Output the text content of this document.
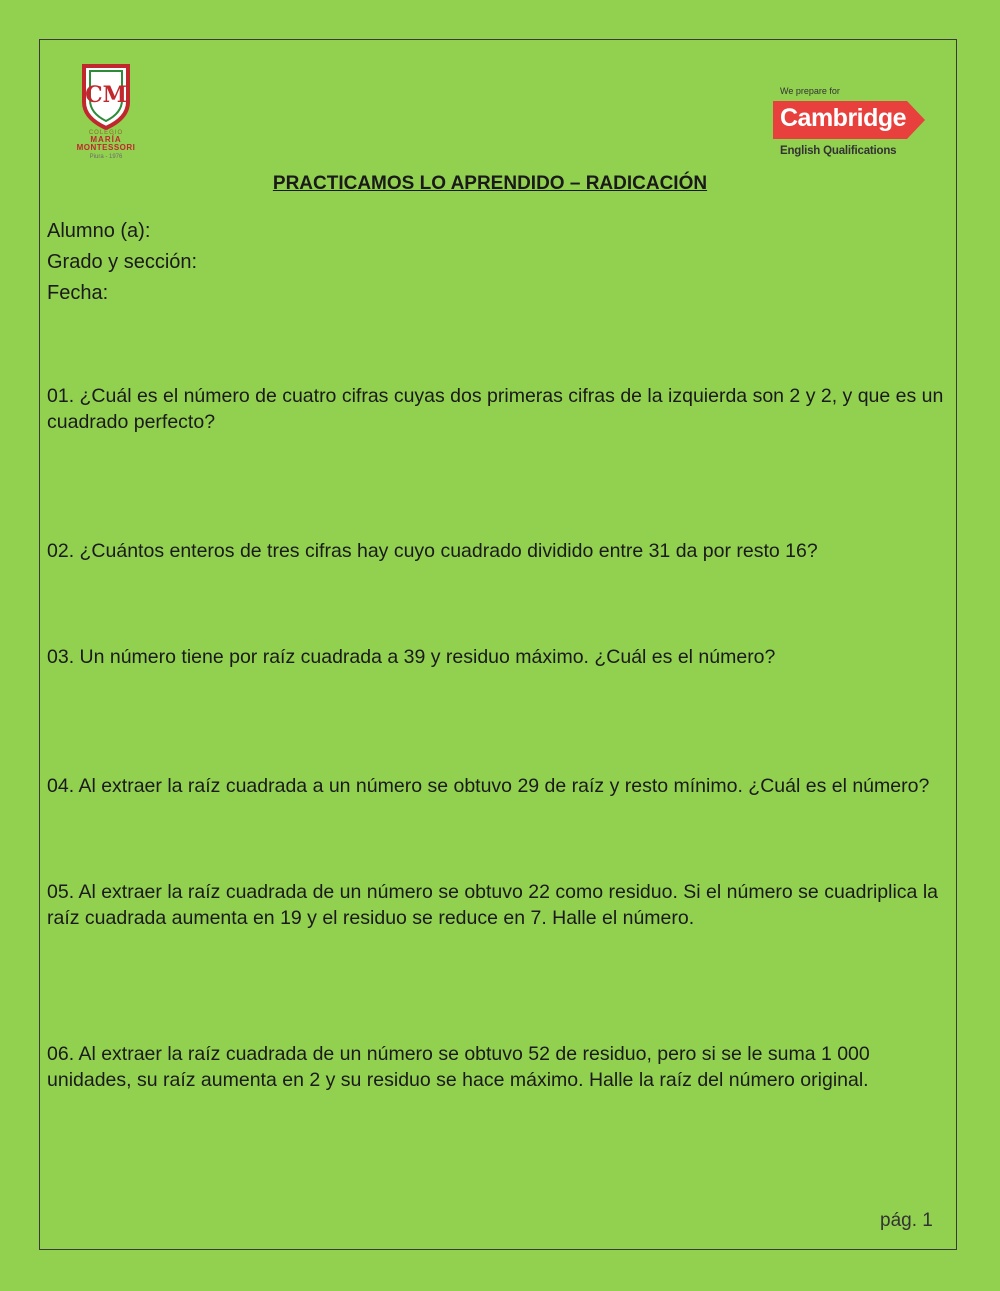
CM
COLEGIO
MARÍA
MONTESSORI
Piura - 1976
We prepare for
Cambridge
English Qualifications
PRACTICAMOS LO APRENDIDO – RADICACIÓN
Alumno (a):
Grado y sección:
Fecha:

01. ¿Cuál es el número de cuatro cifras cuyas dos primeras cifras de la izquierda son 2 y 2, y que es un cuadrado perfecto?

02. ¿Cuántos enteros de tres cifras hay cuyo cuadrado dividido entre 31 da por resto 16?

03. Un número tiene por raíz cuadrada a 39 y residuo máximo. ¿Cuál es el número?

04. Al extraer la raíz cuadrada a un número se obtuvo 29 de raíz y resto mínimo. ¿Cuál es el número?

05. Al extraer la raíz cuadrada de un número se obtuvo 22 como residuo. Si el número se cuadriplica la raíz cuadrada aumenta en 19 y el residuo se reduce en 7. Halle el número.

06. Al extraer la raíz cuadrada de un número se obtuvo 52 de residuo, pero si se le suma 1 000 unidades, su raíz aumenta en 2 y su residuo se hace máximo. Halle la raíz del número original.

pág. 1
